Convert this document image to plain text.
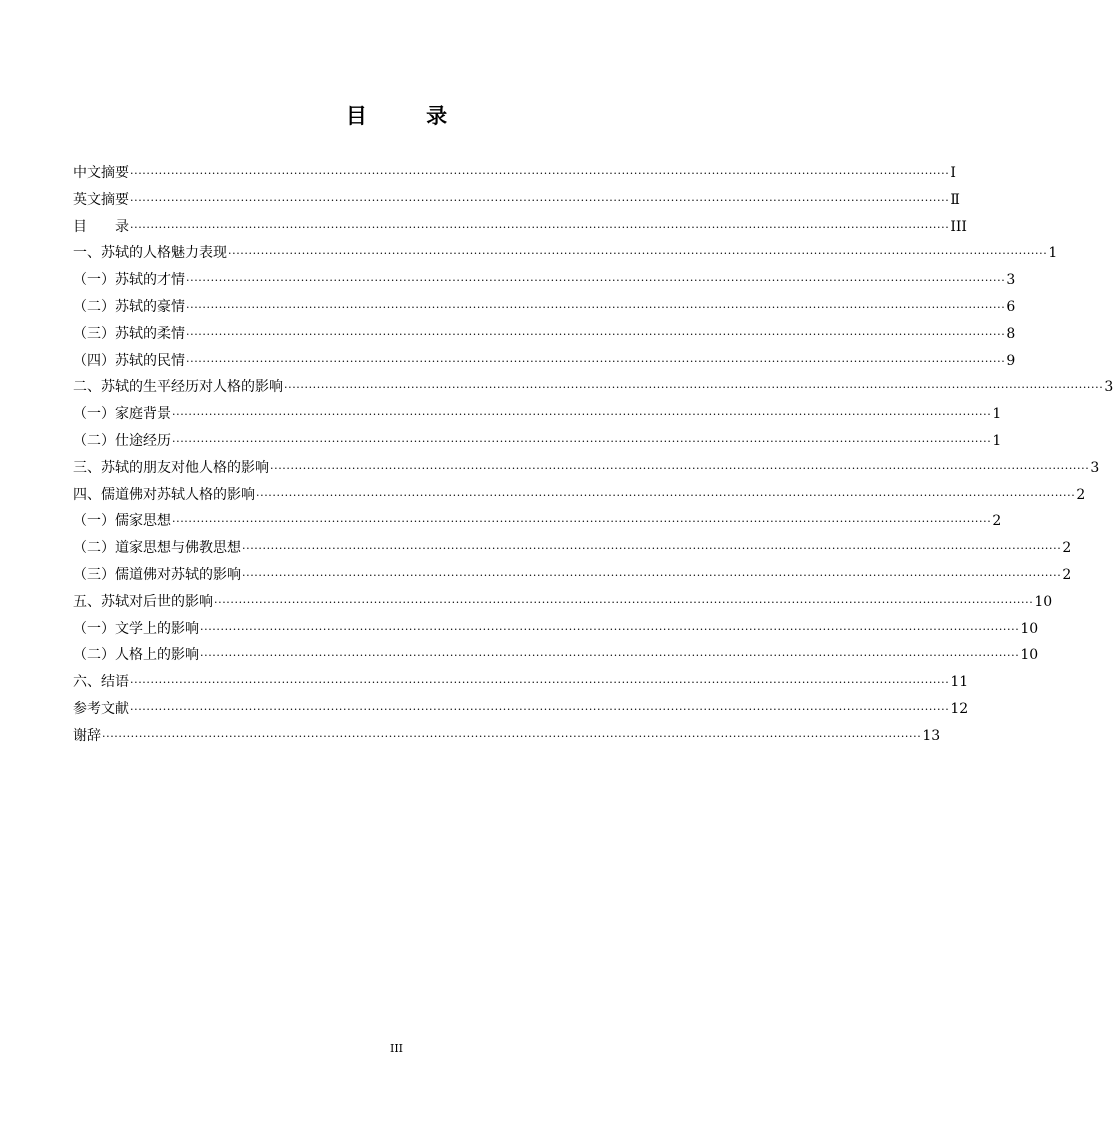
目 录
中文摘要 ········································································································································································································ Ⅰ
英文摘要 ········································································································································································································ Ⅱ
目　　录 ········································································································································································································ III
一、苏轼的人格魅力表现 ········································································································································································································ 1
（一）苏轼的才情 ········································································································································································································ 3
（二）苏轼的豪情 ········································································································································································································ 6
（三）苏轼的柔情 ········································································································································································································ 8
（四）苏轼的民情 ········································································································································································································ 9
二、苏轼的生平经历对人格的影响 ········································································································································································································ 3
（一）家庭背景 ········································································································································································································ 1
（二）仕途经历 ········································································································································································································ 1
三、苏轼的朋友对他人格的影响 ········································································································································································································ 3
四、儒道佛对苏轼人格的影响 ········································································································································································································ 2
（一）儒家思想 ········································································································································································································ 2
（二）道家思想与佛教思想 ········································································································································································································ 2
（三）儒道佛对苏轼的影响 ········································································································································································································ 2
五、苏轼对后世的影响 ········································································································································································································ 10
（一）文学上的影响 ········································································································································································································ 10
（二）人格上的影响 ········································································································································································································ 10
六、结语 ········································································································································································································ 11
参考文献 ········································································································································································································ 12
谢辞 ········································································································································································································ 13
III
